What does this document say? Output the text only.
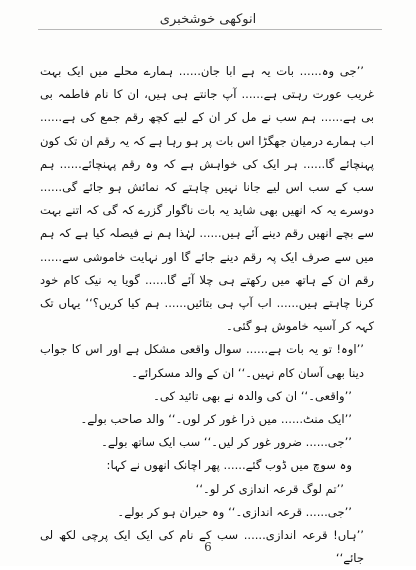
انوکھی خوشخبری

’’جی وہ...... بات یہ ہے ابا جان...... ہمارے محلے میں ایک بہت غریب عورت رہتی ہے...... آپ جانتے ہی ہیں، ان کا نام فاطمہ بی بی ہے...... ہم سب نے مل کر ان کے لیے کچھ رقم جمع کی ہے...... اب ہمارے درمیان جھگڑا اس بات پر ہو رہا ہے کہ یہ رقم ان تک کون پہنچائے گا...... ہر ایک کی خواہش ہے کہ وہ رقم پہنچائے...... ہم سب کے سب اس لیے جانا نہیں چاہتے کہ نمائش ہو جائے گی...... دوسرے یہ کہ انھیں بھی شاید یہ بات ناگوار گزرے کہ گی کہ اتنے بہت سے بچے انھیں رقم دینے آئے ہیں...... لہٰذا ہم نے فیصلہ کیا ہے کہ ہم میں سے صرف ایک پہ رقم دینے جائے گا اور نہایت خاموشی سے...... رقم ان کے ہاتھ میں رکھتے ہی چلا آئے گا...... گویا یہ نیک کام خود کرنا چاہتے ہیں...... اب آپ ہی بتائیں...... ہم کیا کریں؟‘‘ یہاں تک کہہ کر آسیہ خاموش ہو گئی۔

’’اوہ! تو یہ بات ہے...... سوال واقعی مشکل ہے اور اس کا جواب دینا بھی آسان کام نہیں۔‘‘ ان کے والد مسکرائے۔

’’واقعی۔‘‘ ان کی والدہ نے بھی تائید کی۔

’’ایک منٹ...... میں ذرا غور کر لوں۔‘‘ والد صاحب بولے۔

’’جی...... ضرور غور کر لیں۔‘‘ سب ایک ساتھ بولے۔

وہ سوچ میں ڈوب گئے...... پھر اچانک انھوں نے کہا:

’’تم لوگ قرعہ اندازی کر لو۔‘‘

’’جی...... قرعہ اندازی۔‘‘ وہ حیران ہو کر بولے۔

’’ہاں! قرعہ اندازی...... سب کے نام کی ایک ایک پرچی لکھ لی جائے‘‘

6
